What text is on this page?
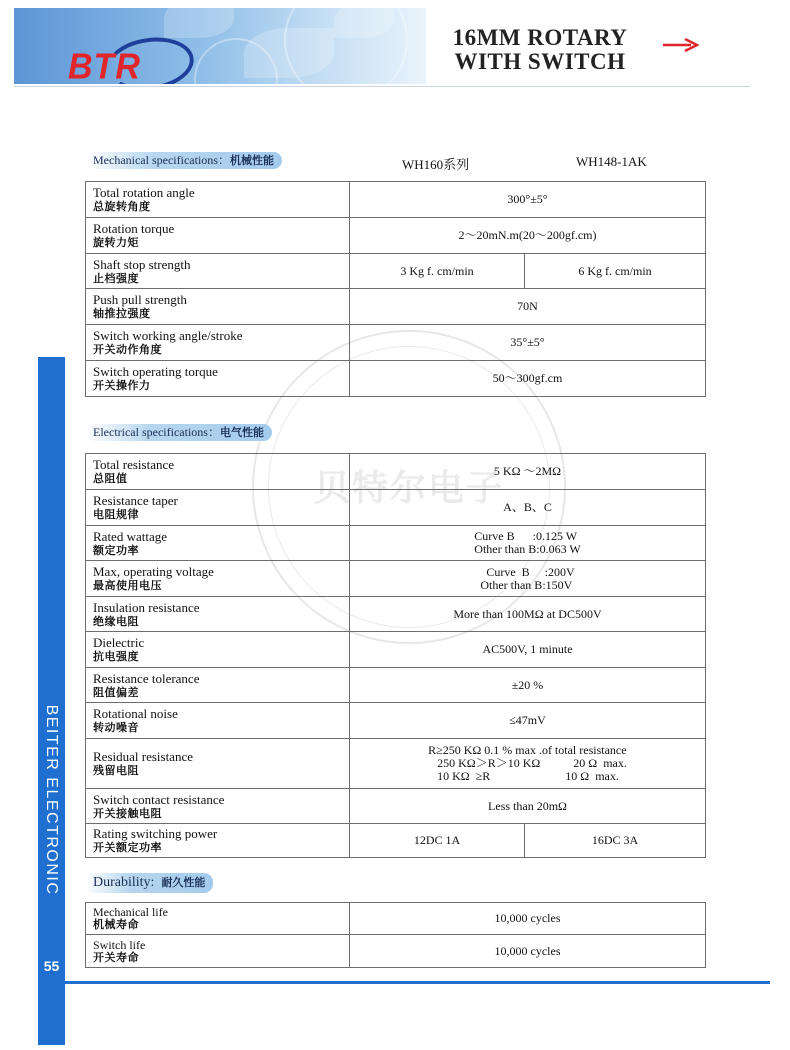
BTR
16MM ROTARY
WITH SWITCH
贝特尔电子
BEITER ELECTRONIC
55
Mechanical specifications：机械性能	WH160系列	WH148-1AK
Total rotation angle
总旋转角度	300°±5°	

Rotation torque
旋转力矩	2～20mN.m(20～200gf.cm)	

Shaft stop strength
止档强度	3 Kg f. cm/min	6 Kg f. cm/min

Push pull strength
轴推拉强度	70N	

Switch working angle/stroke
开关动作角度	35°±5°	

Switch operating torque
开关操作力	50～300gf.cm	
Electrical specifications：电气性能
Total resistance
总阻值	5 KΩ ～2MΩ	

Resistance taper
电阻规律	A、B、C	

Rated wattage
额定功率	Curve B      :0.125 W
Other than B:0.063 W	

Max, operating voltage
最高使用电压	Curve  B     :200V
Other than B:150V	

Insulation resistance
绝缘电阻	More than 100MΩ at DC500V	

Dielectric
抗电强度	AC500V, 1 minute	

Resistance tolerance
阻值偏差	±20 %	

Rotational noise
转动噪音	≤47mV	

Residual resistance
残留电阻	R≥250 KΩ 0.1 % max .of total resistance
250 KΩ＞R＞10 KΩ           20 Ω  max.
10 KΩ  ≥R                         10 Ω  max.	

Switch contact resistance
开关接触电阻	Less than 20mΩ	

Rating switching power
开关额定功率	12DC 1A	16DC 3A
Durability: 耐久性能
Mechanical life
机械寿命	10,000 cycles

Switch life
开关寿命	10,000 cycles
